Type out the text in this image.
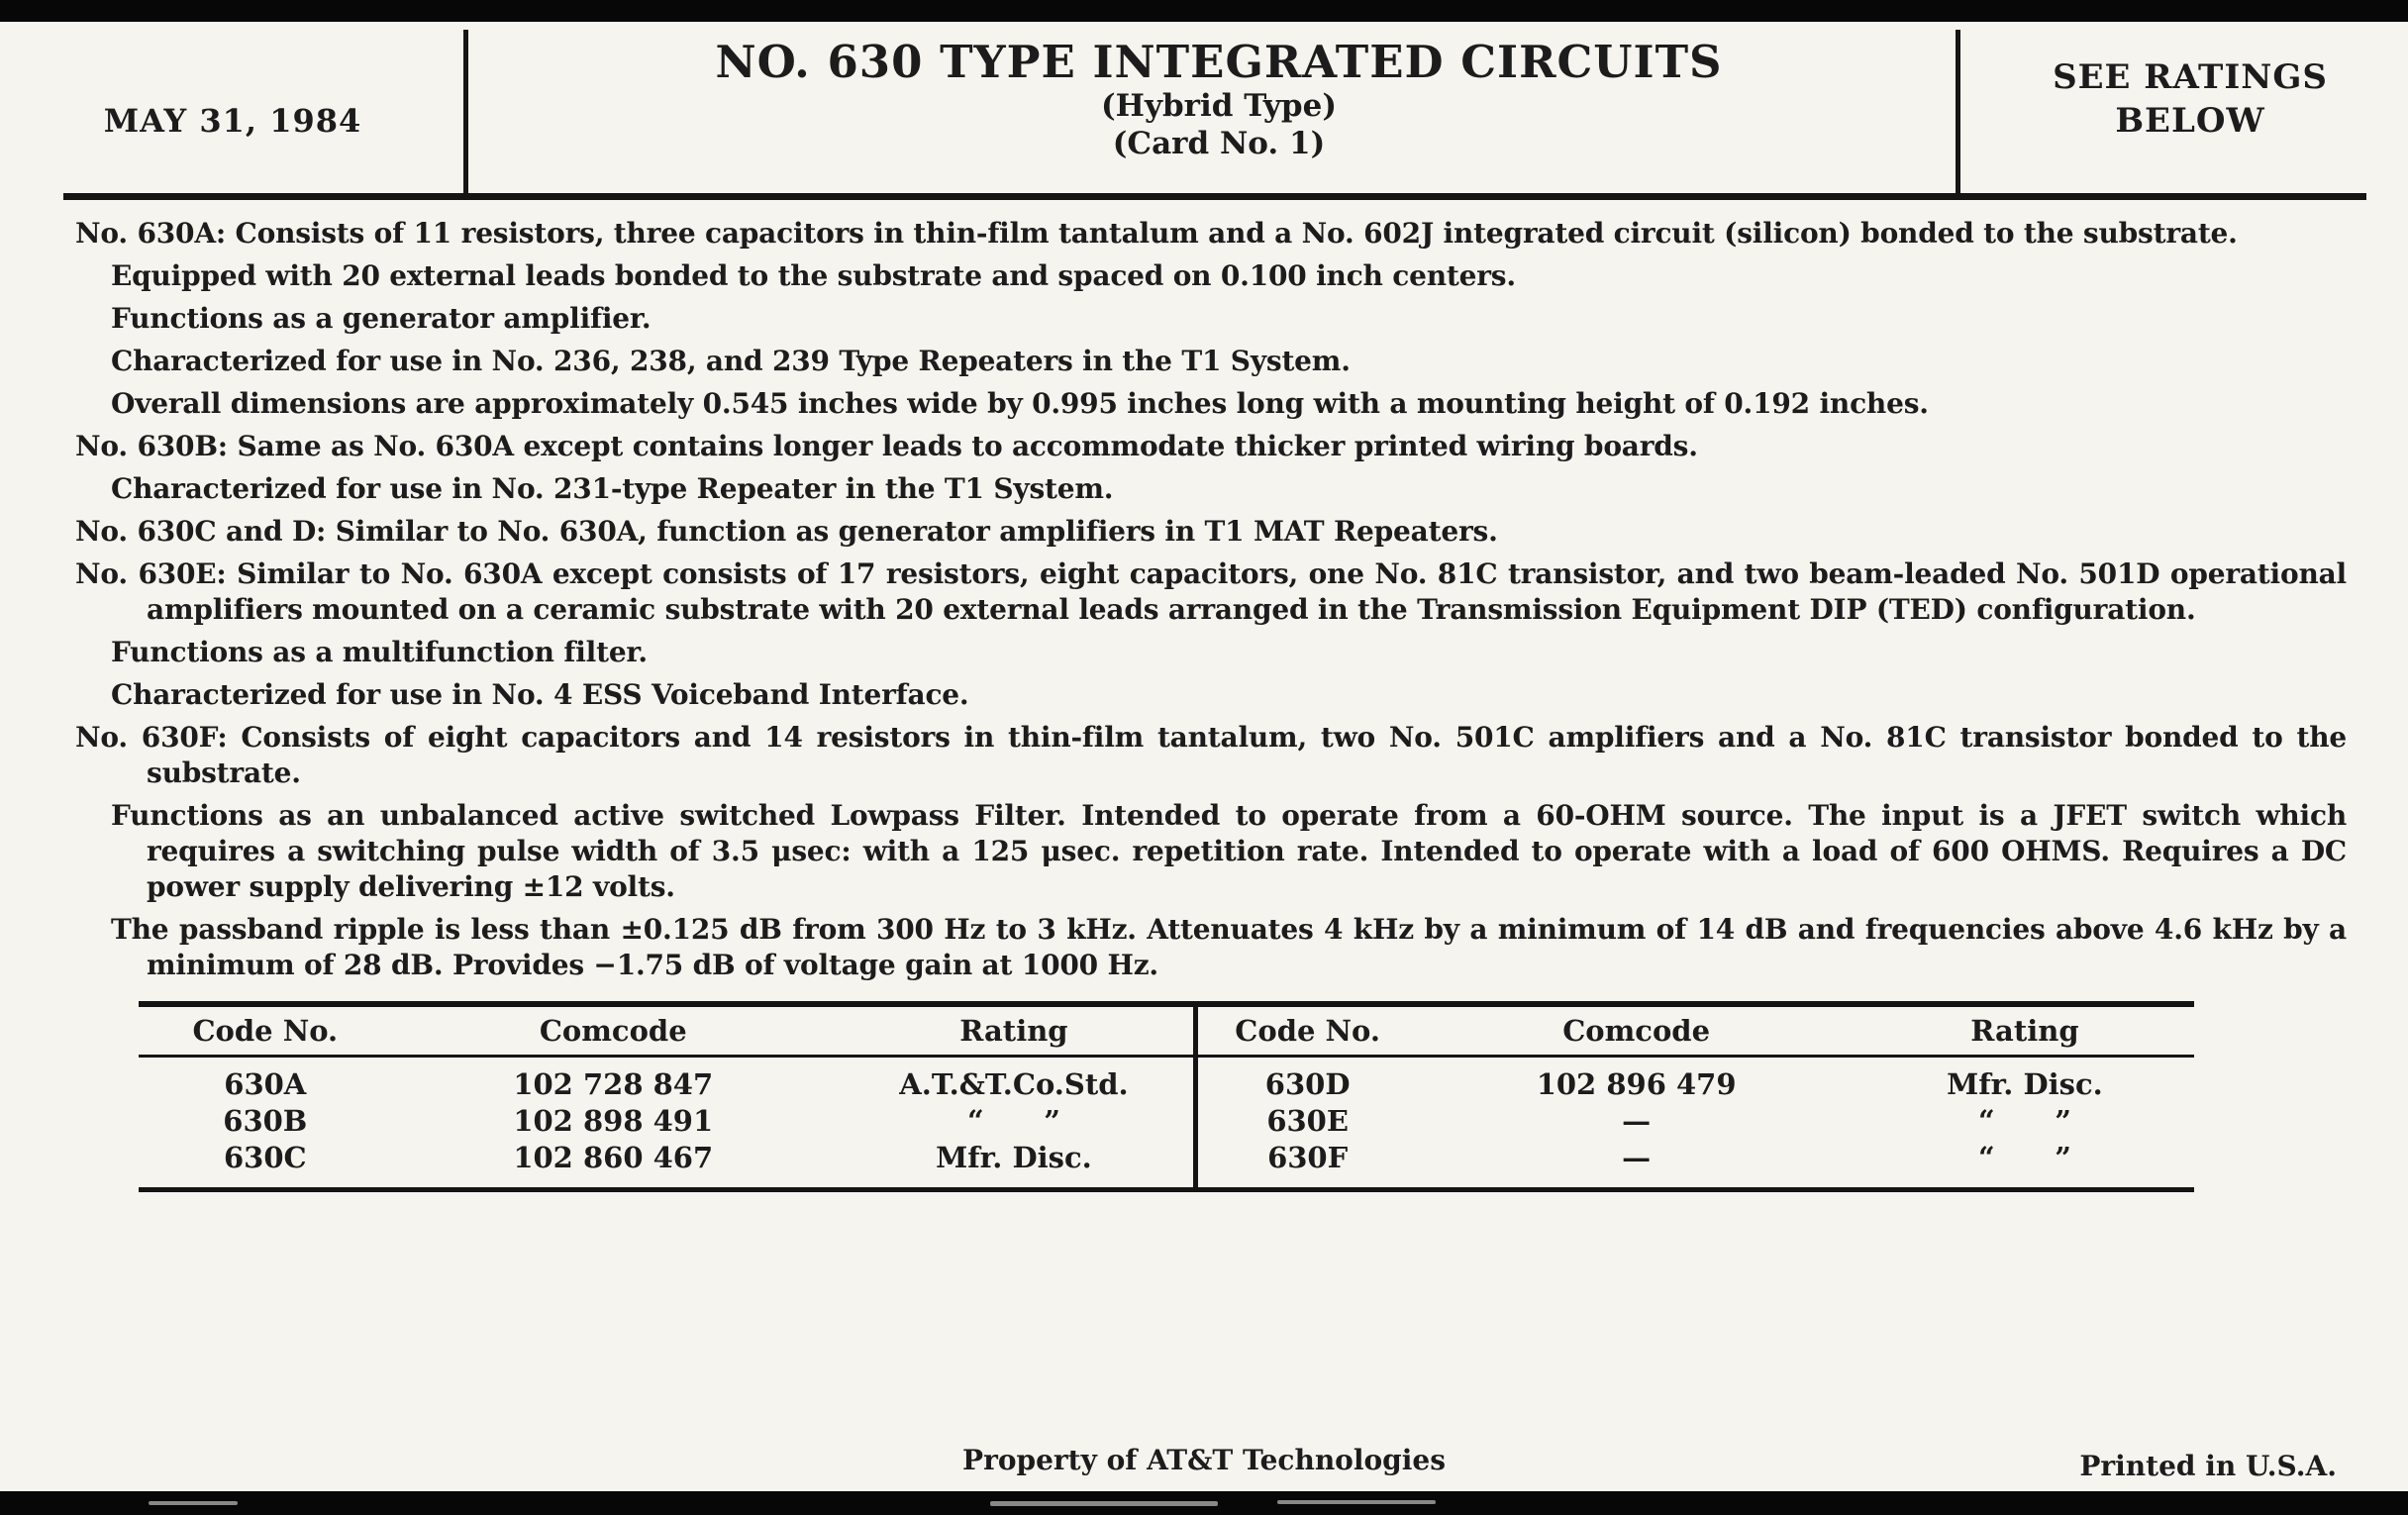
MAY 31, 1984
NO. 630 TYPE INTEGRATED CIRCUITS
(Hybrid Type)
(Card No. 1)
SEE RATINGS
BELOW

No. 630A: Consists of 11 resistors, three capacitors in thin-film tantalum and a No. 602J integrated circuit (silicon) bonded to the substrate.

Equipped with 20 external leads bonded to the substrate and spaced on 0.100 inch centers.

Functions as a generator amplifier.

Characterized for use in No. 236, 238, and 239 Type Repeaters in the T1 System.

Overall dimensions are approximately 0.545 inches wide by 0.995 inches long with a mounting height of 0.192 inches.

No. 630B: Same as No. 630A except contains longer leads to accommodate thicker printed wiring boards.

Characterized for use in No. 231-type Repeater in the T1 System.

No. 630C and D: Similar to No. 630A, function as generator amplifiers in T1 MAT Repeaters.

No. 630E: Similar to No. 630A except consists of 17 resistors, eight capacitors, one No. 81C transistor, and two beam-leaded No. 501D operational amplifiers mounted on a ceramic substrate with 20 external leads arranged in the Transmission Equipment DIP (TED) configuration.

Functions as a multifunction filter.

Characterized for use in No. 4 ESS Voiceband Interface.

No. 630F: Consists of eight capacitors and 14 resistors in thin-film tantalum, two No. 501C amplifiers and a No. 81C transistor bonded to the substrate.

Functions as an unbalanced active switched Lowpass Filter. Intended to operate from a 60-OHM source. The input is a JFET switch which requires a switching pulse width of 3.5 μsec: with a 125 μsec. repetition rate. Intended to operate with a load of 600 OHMS. Requires a DC power supply delivering ±12 volts.

The passband ripple is less than ±0.125 dB from 300 Hz to 3 kHz. Attenuates 4 kHz by a minimum of 14 dB and frequencies above 4.6 kHz by a minimum of 28 dB. Provides −1.75 dB of voltage gain at 1000 Hz.

Code No.	Comcode	Rating
630A	102 728 847	A.T.&T.Co.Std.
630B	102 898 491	“      ”
630C	102 860 467	Mfr. Disc.
Code No.	Comcode	Rating
630D	102 896 479	Mfr. Disc.
630E	—	“      ”
630F	—	“      ”
Property of AT&T Technologies	Printed in U.S.A.
